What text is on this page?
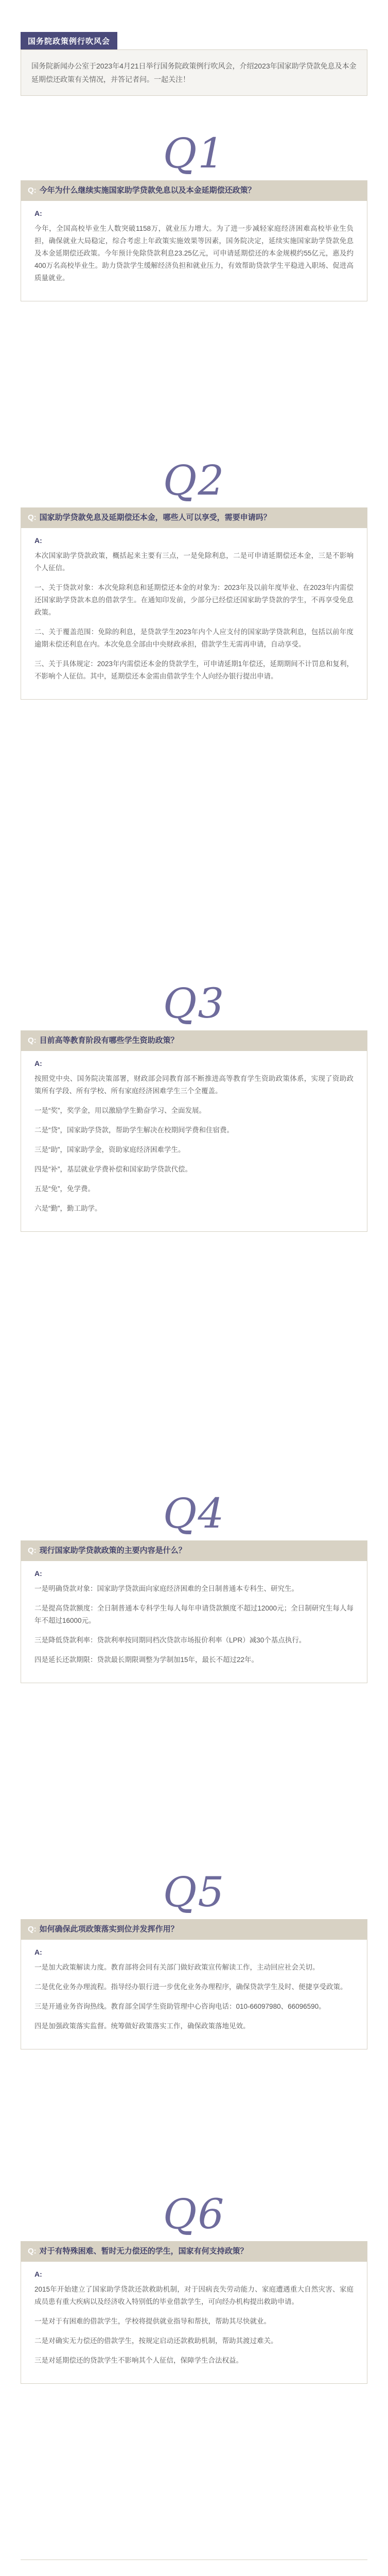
国务院政策例行吹风会
国务院新闻办公室于2023年4月21日举行国务院政策例行吹风会，介绍2023年国家助学贷款免息及本金延期偿还政策有关情况，并答记者问。一起关注！
Q1
Q: 今年为什么继续实施国家助学贷款免息以及本金延期偿还政策？
A:

今年，全国高校毕业生人数突破1158万，就业压力增大。为了进一步减轻家庭经济困难高校毕业生负担，确保就业大局稳定，综合考虑上年政策实施效果等因素，国务院决定，延续实施国家助学贷款免息及本金延期偿还政策。今年预计免除贷款利息23.25亿元，可申请延期偿还的本金规模约55亿元，惠及约400万名高校毕业生。助力贷款学生缓解经济负担和就业压力，有效帮助贷款学生平稳进入职场、促进高质量就业。

Q2
Q: 国家助学贷款免息及延期偿还本金，哪些人可以享受，需要申请吗？
A:

本次国家助学贷款政策，概括起来主要有三点，一是免除利息，二是可申请延期偿还本金，三是不影响个人征信。

一、关于贷款对象：本次免除利息和延期偿还本金的对象为：2023年及以前年度毕业、在2023年内需偿还国家助学贷款本息的借款学生。在通知印发前，少部分已经偿还国家助学贷款的学生，不再享受免息政策。

二、关于覆盖范围：免除的利息，是贷款学生2023年内个人应支付的国家助学贷款利息，包括以前年度逾期未偿还利息在内。本次免息全部由中央财政承担，借款学生无需再申请，自动享受。

三、关于具体规定：2023年内需偿还本金的贷款学生，可申请延期1年偿还，延期期间不计罚息和复利，不影响个人征信。其中，延期偿还本金需由借款学生个人向经办银行提出申请。

Q3
Q: 目前高等教育阶段有哪些学生资助政策？
A:

按照党中央、国务院决策部署，财政部会同教育部不断推进高等教育学生资助政策体系，实现了资助政策所有学段、所有学校、所有家庭经济困难学生三个全覆盖。

一是“奖”，奖学金，用以激励学生勤奋学习、全面发展。

二是“贷”，国家助学贷款，帮助学生解决在校期间学费和住宿费。

三是“助”，国家助学金，资助家庭经济困难学生。

四是“补”，基层就业学费补偿和国家助学贷款代偿。

五是“免”，免学费。

六是“勤”，勤工助学。

Q4
Q: 现行国家助学贷款政策的主要内容是什么？
A:

一是明确贷款对象：国家助学贷款面向家庭经济困难的全日制普通本专科生、研究生。

二是提高贷款额度：全日制普通本专科学生每人每年申请贷款额度不超过12000元；全日制研究生每人每年不超过16000元。

三是降低贷款利率：贷款利率按同期同档次贷款市场报价利率（LPR）减30个基点执行。

四是延长还款期限：贷款最长期限调整为学制加15年，最长不超过22年。

Q5
Q: 如何确保此项政策落实到位并发挥作用？
A:

一是加大政策解读力度。教育部将会同有关部门做好政策宣传解读工作，主动回应社会关切。

二是优化业务办理流程。指导经办银行进一步优化业务办理程序，确保贷款学生及时、便捷享受政策。

三是开通业务咨询热线。教育部全国学生资助管理中心咨询电话：010-66097980、66096590。

四是加强政策落实监督。统筹做好政策落实工作，确保政策落地见效。

Q6
Q: 对于有特殊困难、暂时无力偿还的学生，国家有何支持政策？
A:

2015年开始建立了国家助学贷款还款救助机制，对于因病丧失劳动能力、家庭遭遇重大自然灾害、家庭成员患有重大疾病以及经济收入特别低的毕业借款学生，可向经办机构提出救助申请。

一是对于有困难的借款学生，学校将提供就业指导和帮扶，帮助其尽快就业。

二是对确实无力偿还的借款学生，按规定启动还款救助机制，帮助其渡过难关。

三是对延期偿还的贷款学生不影响其个人征信，保障学生合法权益。
